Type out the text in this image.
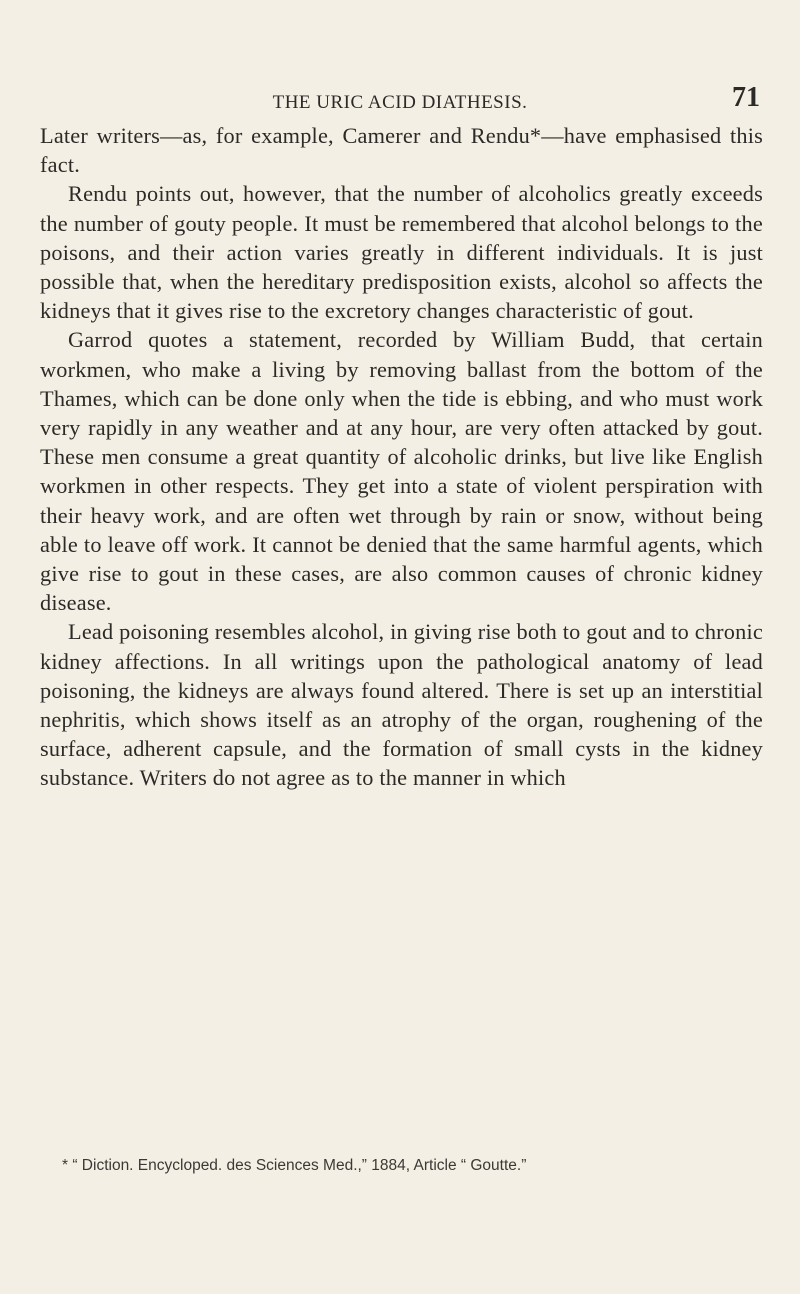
THE URIC ACID DIATHESIS.	71

Later writers—as, for example, Camerer and Rendu*—have emphasised this fact.

Rendu points out, however, that the number of alcoholics greatly exceeds the number of gouty people. It must be remembered that alcohol belongs to the poisons, and their action varies greatly in different individuals. It is just possible that, when the hereditary predisposition exists, alcohol so affects the kidneys that it gives rise to the excretory changes characteristic of gout.

Garrod quotes a statement, recorded by William Budd, that certain workmen, who make a living by removing ballast from the bottom of the Thames, which can be done only when the tide is ebbing, and who must work very rapidly in any weather and at any hour, are very often attacked by gout. These men consume a great quantity of alcoholic drinks, but live like English workmen in other respects. They get into a state of violent perspiration with their heavy work, and are often wet through by rain or snow, without being able to leave off work. It cannot be denied that the same harmful agents, which give rise to gout in these cases, are also common causes of chronic kidney disease.

Lead poisoning resembles alcohol, in giving rise both to gout and to chronic kidney affections. In all writings upon the pathological anatomy of lead poisoning, the kidneys are always found altered. There is set up an interstitial nephritis, which shows itself as an atrophy of the organ, roughening of the surface, adherent capsule, and the formation of small cysts in the kidney substance. Writers do not agree as to the manner in which

* “ Diction. Encycloped. des Sciences Med.,” 1884, Article “ Goutte.”
